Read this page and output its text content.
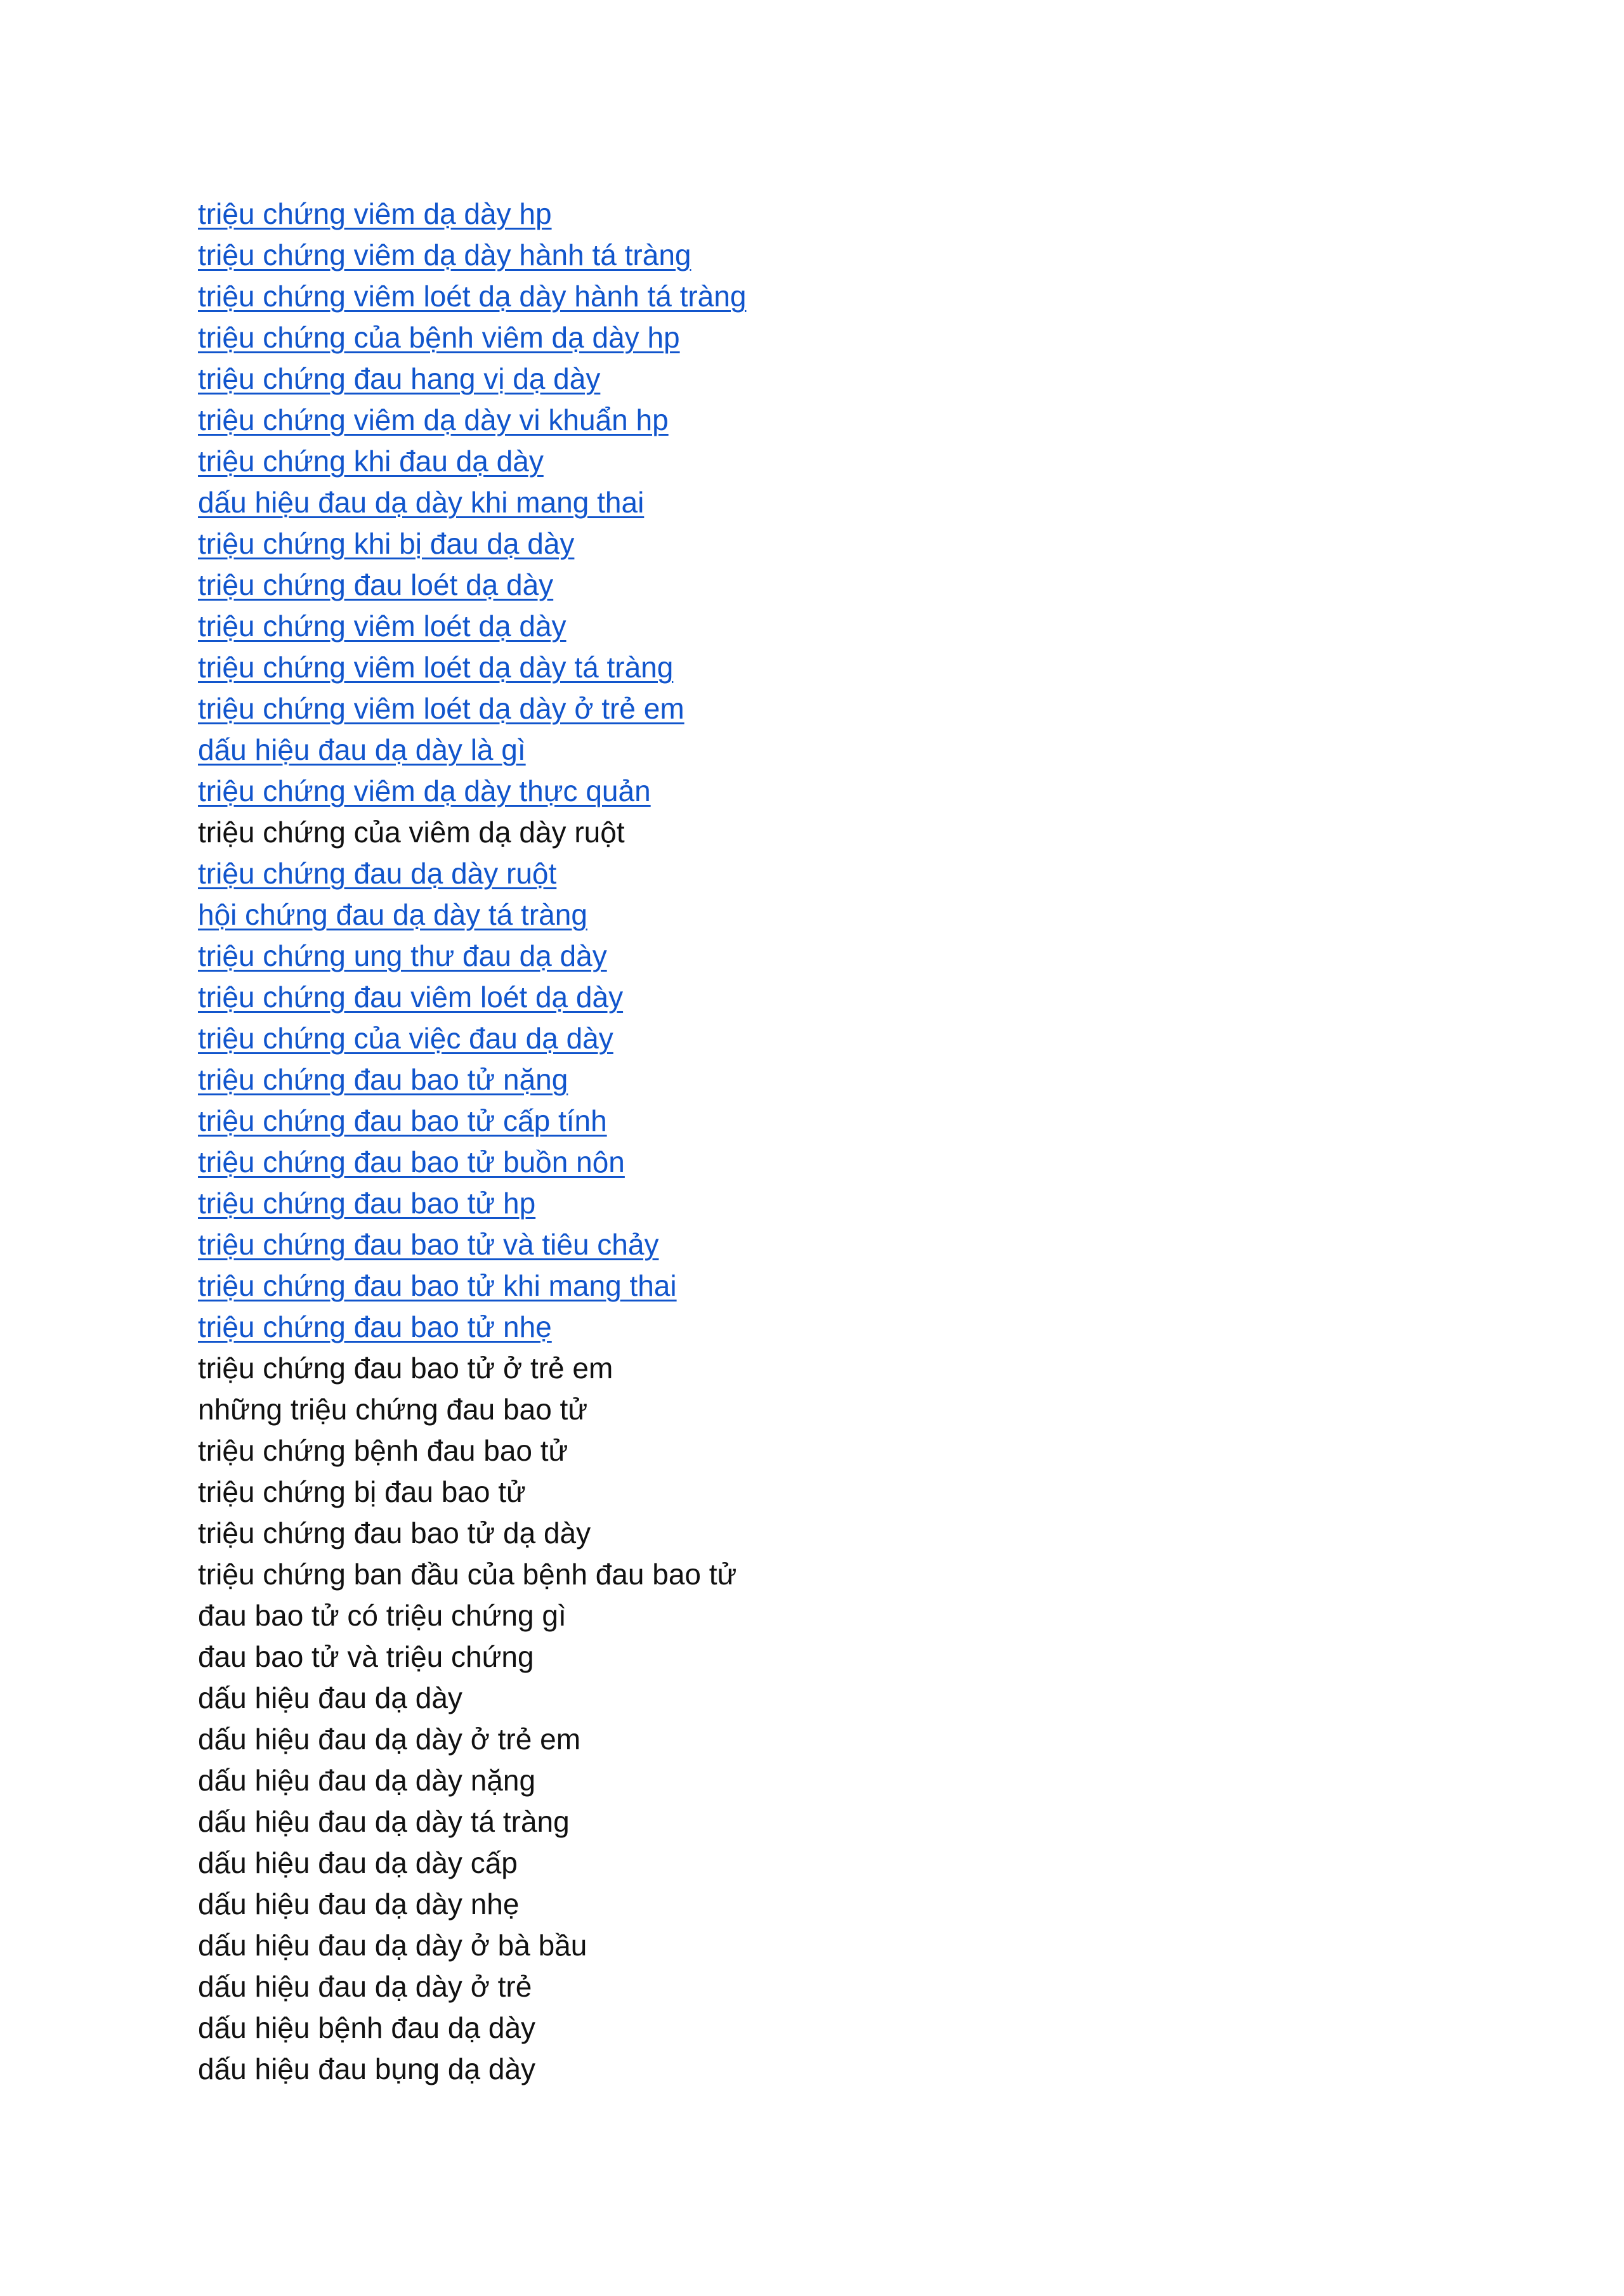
triệu chứng viêm dạ dày hp
triệu chứng viêm dạ dày hành tá tràng
triệu chứng viêm loét dạ dày hành tá tràng
triệu chứng của bệnh viêm dạ dày hp
triệu chứng đau hang vị dạ dày
triệu chứng viêm dạ dày vi khuẩn hp
triệu chứng khi đau dạ dày
dấu hiệu đau dạ dày khi mang thai
triệu chứng khi bị đau dạ dày
triệu chứng đau loét dạ dày
triệu chứng viêm loét dạ dày
triệu chứng viêm loét dạ dày tá tràng
triệu chứng viêm loét dạ dày ở trẻ em
dấu hiệu đau dạ dày là gì
triệu chứng viêm dạ dày thực quản
triệu chứng của viêm dạ dày ruột
triệu chứng đau dạ dày ruột
hội chứng đau dạ dày tá tràng
triệu chứng ung thư đau dạ dày
triệu chứng đau viêm loét dạ dày
triệu chứng của việc đau dạ dày
triệu chứng đau bao tử nặng
triệu chứng đau bao tử cấp tính
triệu chứng đau bao tử buồn nôn
triệu chứng đau bao tử hp
triệu chứng đau bao tử và tiêu chảy
triệu chứng đau bao tử khi mang thai
triệu chứng đau bao tử nhẹ
triệu chứng đau bao tử ở trẻ em
những triệu chứng đau bao tử
triệu chứng bệnh đau bao tử
triệu chứng bị đau bao tử
triệu chứng đau bao tử dạ dày
triệu chứng ban đầu của bệnh đau bao tử
đau bao tử có triệu chứng gì
đau bao tử và triệu chứng
dấu hiệu đau dạ dày
dấu hiệu đau dạ dày ở trẻ em
dấu hiệu đau dạ dày nặng
dấu hiệu đau dạ dày tá tràng
dấu hiệu đau dạ dày cấp
dấu hiệu đau dạ dày nhẹ
dấu hiệu đau dạ dày ở bà bầu
dấu hiệu đau dạ dày ở trẻ
dấu hiệu bệnh đau dạ dày
dấu hiệu đau bụng dạ dày
